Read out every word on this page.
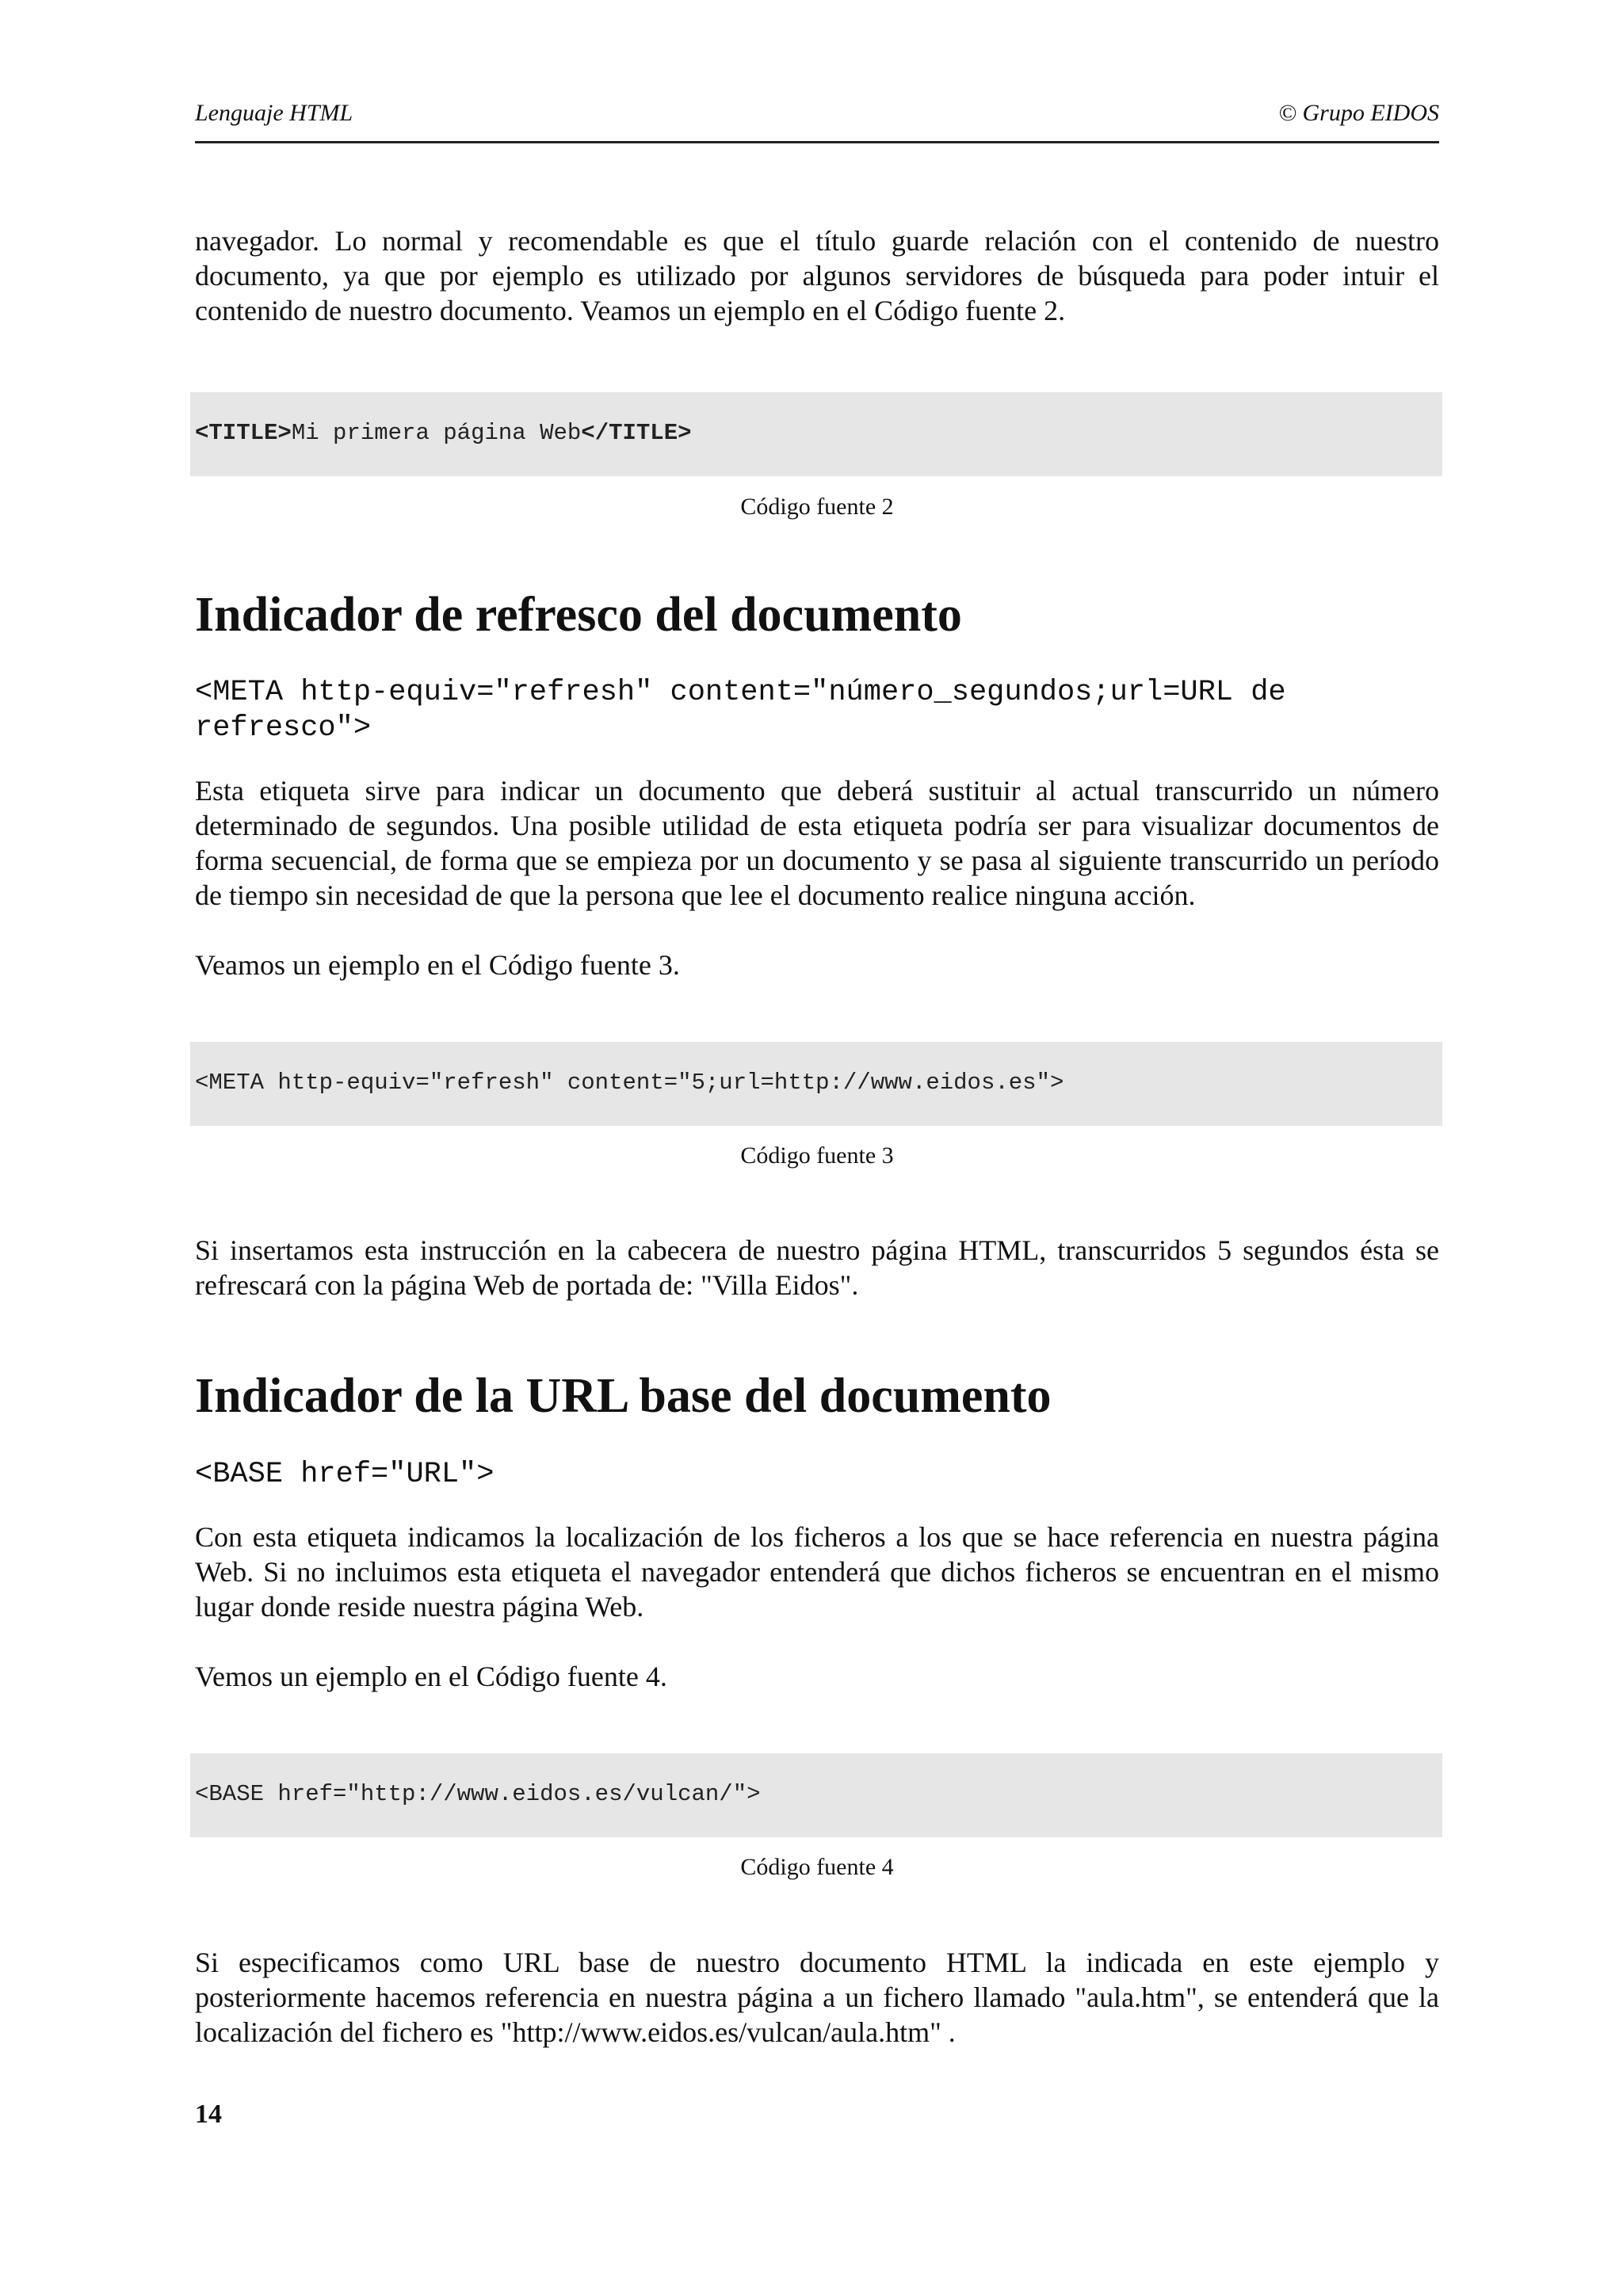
Lenguaje HTML	© Grupo EIDOS

navegador. Lo normal y recomendable es que el título guarde relación con el contenido de nuestro documento, ya que por ejemplo es utilizado por algunos servidores de búsqueda para poder intuir el contenido de nuestro documento. Veamos un ejemplo en el Código fuente 2.

<TITLE>Mi primera página Web</TITLE>
Código fuente 2
Indicador de refresco del documento
<META http-equiv="refresh" content="número_segundos;url=URL de refresco">

Esta etiqueta sirve para indicar un documento que deberá sustituir al actual transcurrido un número determinado de segundos. Una posible utilidad de esta etiqueta podría ser para visualizar documentos de forma secuencial, de forma que se empieza por un documento y se pasa al siguiente transcurrido un período de tiempo sin necesidad de que la persona que lee el documento realice ninguna acción.

Veamos un ejemplo en el Código fuente 3.

<META http-equiv="refresh" content="5;url=http://www.eidos.es">
Código fuente 3

Si insertamos esta instrucción en la cabecera de nuestro página HTML, transcurridos 5 segundos ésta se refrescará con la página Web de portada de: "Villa Eidos".

Indicador de la URL base del documento
<BASE href="URL">

Con esta etiqueta indicamos la localización de los ficheros a los que se hace referencia en nuestra página Web. Si no incluimos esta etiqueta el navegador entenderá que dichos ficheros se encuentran en el mismo lugar donde reside nuestra página Web.

Vemos un ejemplo en el Código fuente 4.

<BASE href="http://www.eidos.es/vulcan/">
Código fuente 4

Si especificamos como URL base de nuestro documento HTML la indicada en este ejemplo y posteriormente hacemos referencia en nuestra página a un fichero llamado "aula.htm", se entenderá que la localización del fichero es "http://www.eidos.es/vulcan/aula.htm" .

14
